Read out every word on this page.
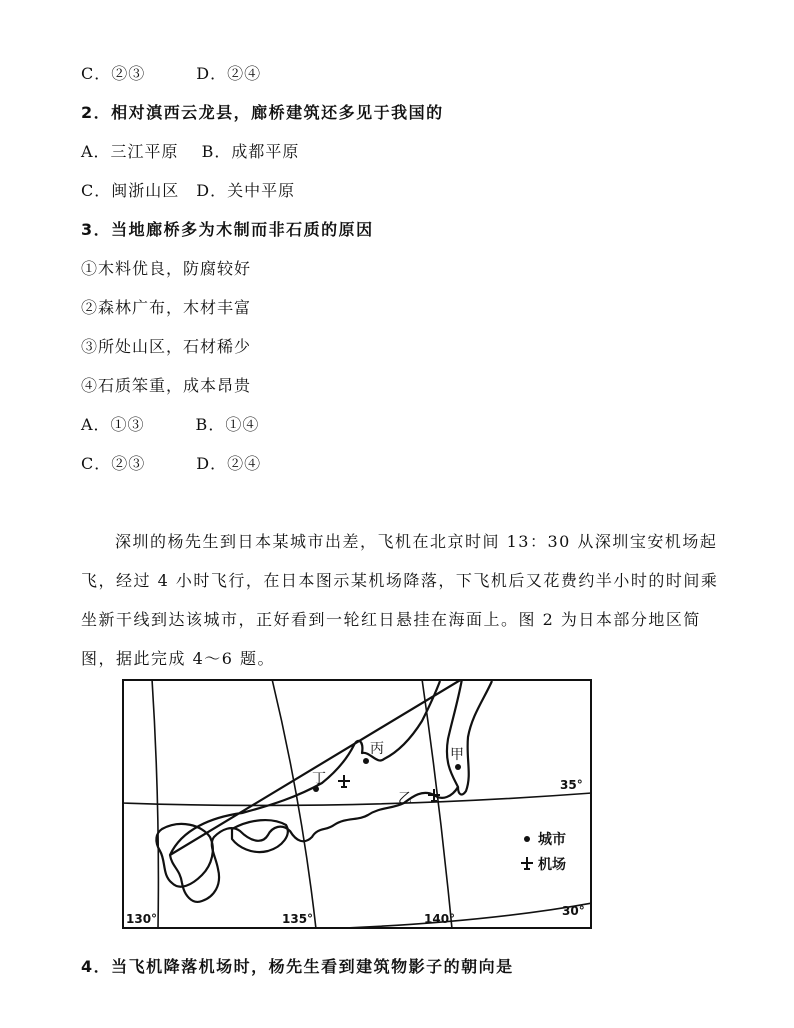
C．②③　　　D．②④
2．相对滇西云龙县，廊桥建筑还多见于我国的
A．三江平原　 B．成都平原
C．闽浙山区　D．关中平原
3．当地廊桥多为木制而非石质的原因
①木料优良，防腐较好
②森林广布，木材丰富
③所处山区，石材稀少
④石质笨重，成本昂贵
A．①③　　　B．①④
C．②③　　　D．②④
深圳的杨先生到日本某城市出差，飞机在北京时间 13：30 从深圳宝安机场起飞，经过 4 小时飞行，在日本图示某机场降落，下飞机后又花费约半小时的时间乘坐新干线到达该城市，正好看到一轮红日悬挂在海面上。图 2 为日本部分地区简图，据此完成 4～6 题。
丙	甲
丁
乙
35°
30°
130°	135°	140°
城市
机场
4．当飞机降落机场时，杨先生看到建筑物影子的朝向是
